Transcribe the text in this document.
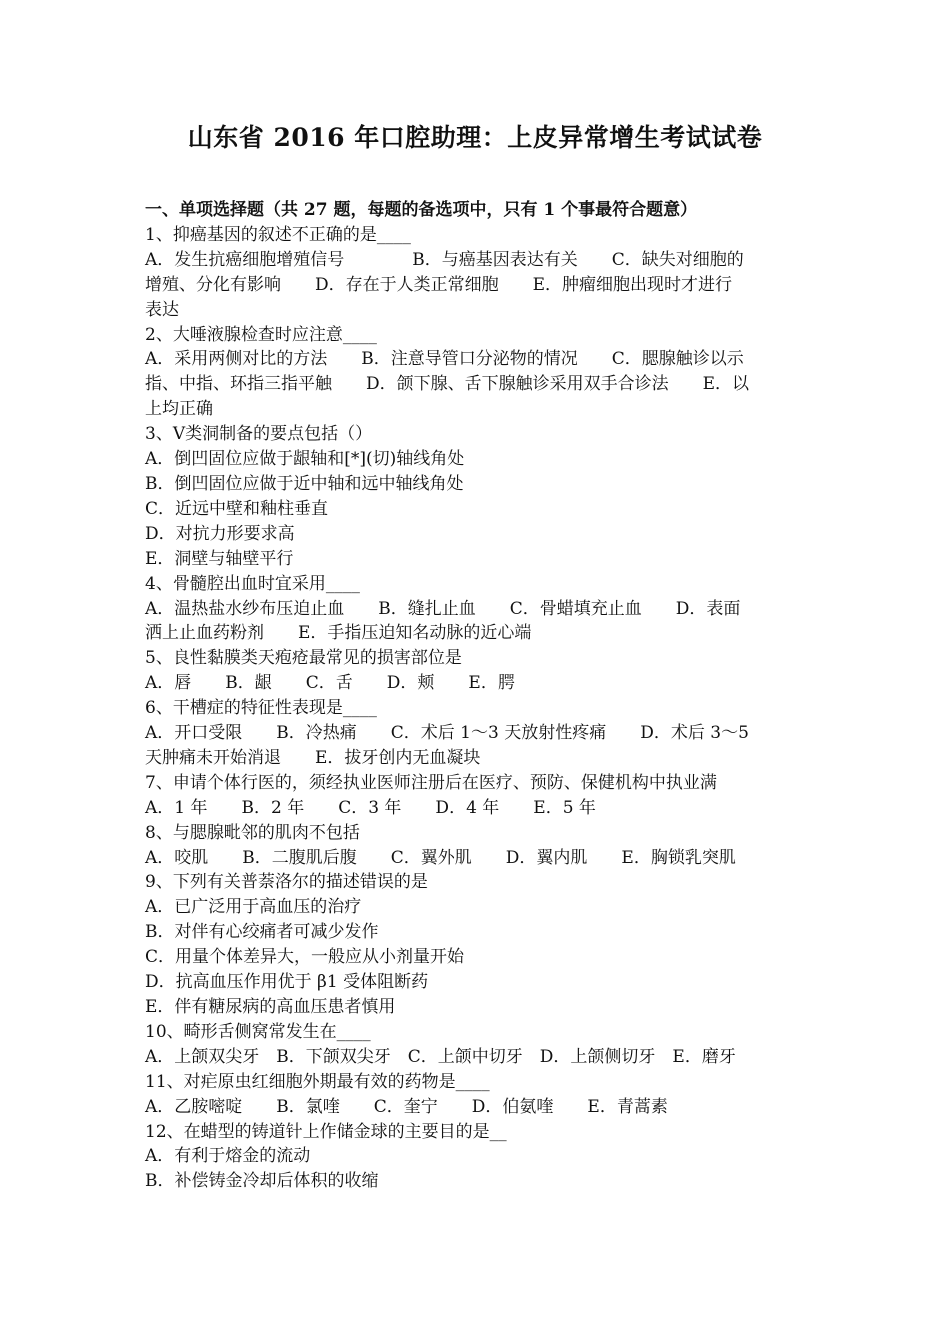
山东省 2016 年口腔助理：上皮异常增生考试试卷

一、单项选择题（共 27 题，每题的备选项中，只有 1 个事最符合题意）

1、抑癌基因的叙述不正确的是____

A．发生抗癌细胞增殖信号　　　　B．与癌基因表达有关　　C．缺失对细胞的

增殖、分化有影响　　D．存在于人类正常细胞　　E．肿瘤细胞出现时才进行

表达

2、大唾液腺检查时应注意____

A．采用两侧对比的方法　　B．注意导管口分泌物的情况　　C．腮腺触诊以示

指、中指、环指三指平触　　D．颌下腺、舌下腺触诊采用双手合诊法　　E．以

上均正确

3、Ⅴ类洞制备的要点包括（）

A．倒凹固位应做于龈轴和[*](切)轴线角处

B．倒凹固位应做于近中轴和远中轴线角处

C．近远中壁和釉柱垂直

D．对抗力形要求高

E．洞壁与轴壁平行

4、骨髓腔出血时宜采用____

A．温热盐水纱布压迫止血　　B．缝扎止血　　C．骨蜡填充止血　　D．表面

洒上止血药粉剂　　E．手指压迫知名动脉的近心端

5、良性黏膜类天疱疮最常见的损害部位是

A．唇　　B．龈　　C．舌　　D．颊　　E．腭

6、干槽症的特征性表现是____

A．开口受限　　B．冷热痛　　C．术后 1～3 天放射性疼痛　　D．术后 3～5

天肿痛未开始消退　　E．拔牙创内无血凝块

7、申请个体行医的，须经执业医师注册后在医疗、预防、保健机构中执业满

A．1 年　　B．2 年　　C．3 年　　D．4 年　　E．5 年

8、与腮腺毗邻的肌肉不包括

A．咬肌　　B．二腹肌后腹　　C．翼外肌　　D．翼内肌　　E．胸锁乳突肌

9、下列有关普萘洛尔的描述错误的是

A．已广泛用于高血压的治疗

B．对伴有心绞痛者可减少发作

C．用量个体差异大，一般应从小剂量开始

D．抗高血压作用优于 β1 受体阻断药

E．伴有糖尿病的高血压患者慎用

10、畸形舌侧窝常发生在____

A．上颌双尖牙　B．下颌双尖牙　C．上颌中切牙　D．上颌侧切牙　E．磨牙

11、对疟原虫红细胞外期最有效的药物是____

A．乙胺嘧啶　　B．氯喹　　C．奎宁　　D．伯氨喹　　E．青蒿素

12、在蜡型的铸道针上作储金球的主要目的是__

A．有利于熔金的流动

B．补偿铸金冷却后体积的收缩
